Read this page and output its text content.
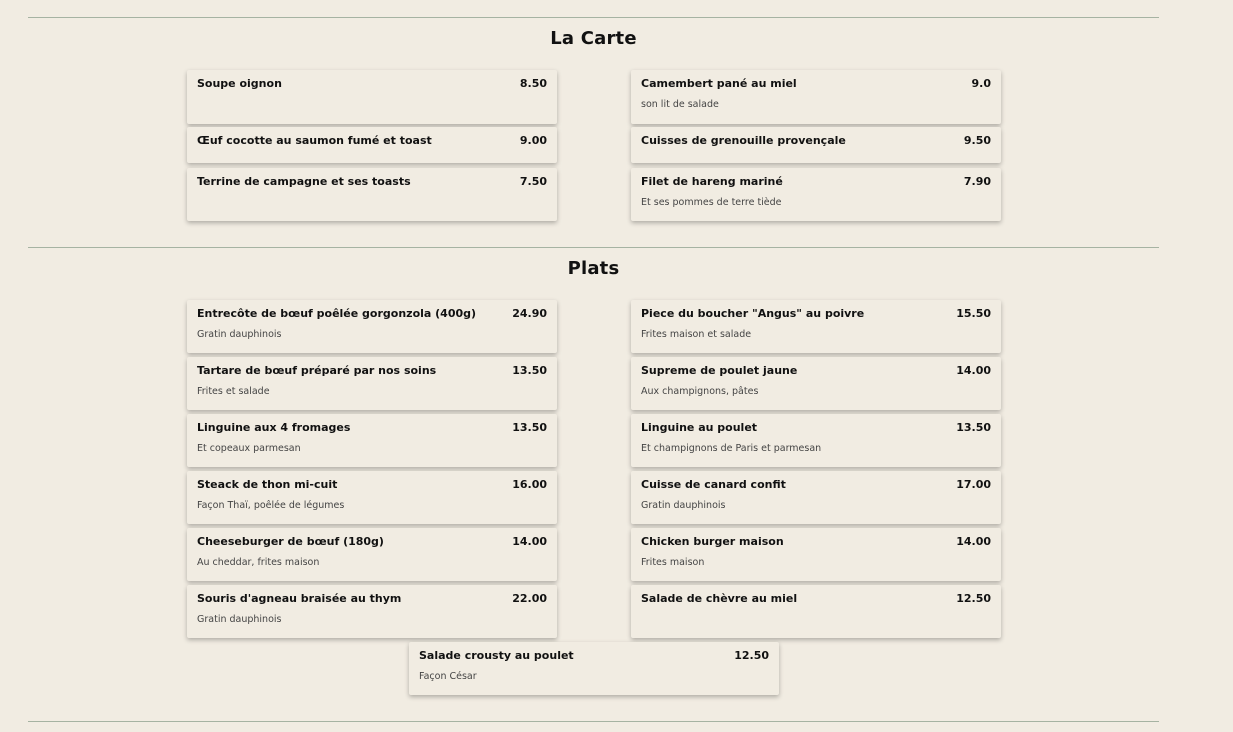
La Carte
Soupe oignon	8.50	Camembert pané au miel	9.0
son lit de salade
Œuf cocotte au saumon fumé et toast	9.00	Cuisses de grenouille provençale	9.50
Terrine de campagne et ses toasts	7.50	Filet de hareng mariné	7.90
Et ses pommes de terre tiède
Plats
Entrecôte de bœuf poêlée gorgonzola (400g)	24.90
Gratin dauphinois
Piece du boucher "Angus" au poivre	15.50
Frites maison et salade
Tartare de bœuf préparé par nos soins	13.50
Frites et salade
Supreme de poulet jaune	14.00
Aux champignons, pâtes
Linguine aux 4 fromages	13.50
Et copeaux parmesan
Linguine au poulet	13.50
Et champignons de Paris et parmesan
Steack de thon mi-cuit	16.00
Façon Thaï, poêlée de légumes
Cuisse de canard confit	17.00
Gratin dauphinois
Cheeseburger de bœuf (180g)	14.00
Au cheddar, frites maison
Chicken burger maison	14.00
Frites maison
Souris d'agneau braisée au thym	22.00
Gratin dauphinois
Salade de chèvre au miel	12.50
Salade crousty au poulet	12.50
Façon César
